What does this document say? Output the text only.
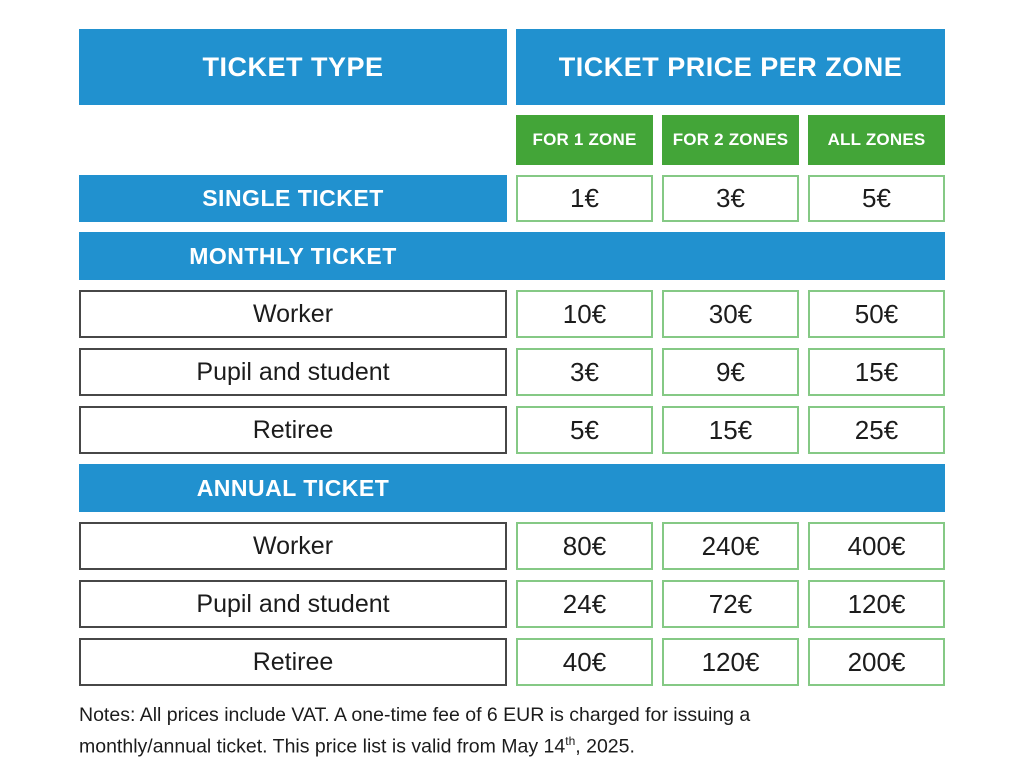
TICKET TYPE	TICKET PRICE PER ZONE
FOR 1 ZONE	FOR 2 ZONES	ALL ZONES
SINGLE TICKET	1€	3€	5€
MONTHLY TICKET
Worker	10€	30€	50€
Pupil and student	3€	9€	15€
Retiree	5€	15€	25€
ANNUAL TICKET
Worker	80€	240€	400€
Pupil and student	24€	72€	120€
Retiree	40€	120€	200€
Notes: All prices include VAT. A one-time fee of 6 EUR is charged for issuing a
monthly/annual ticket. This price list is valid from May 14th, 2025.
